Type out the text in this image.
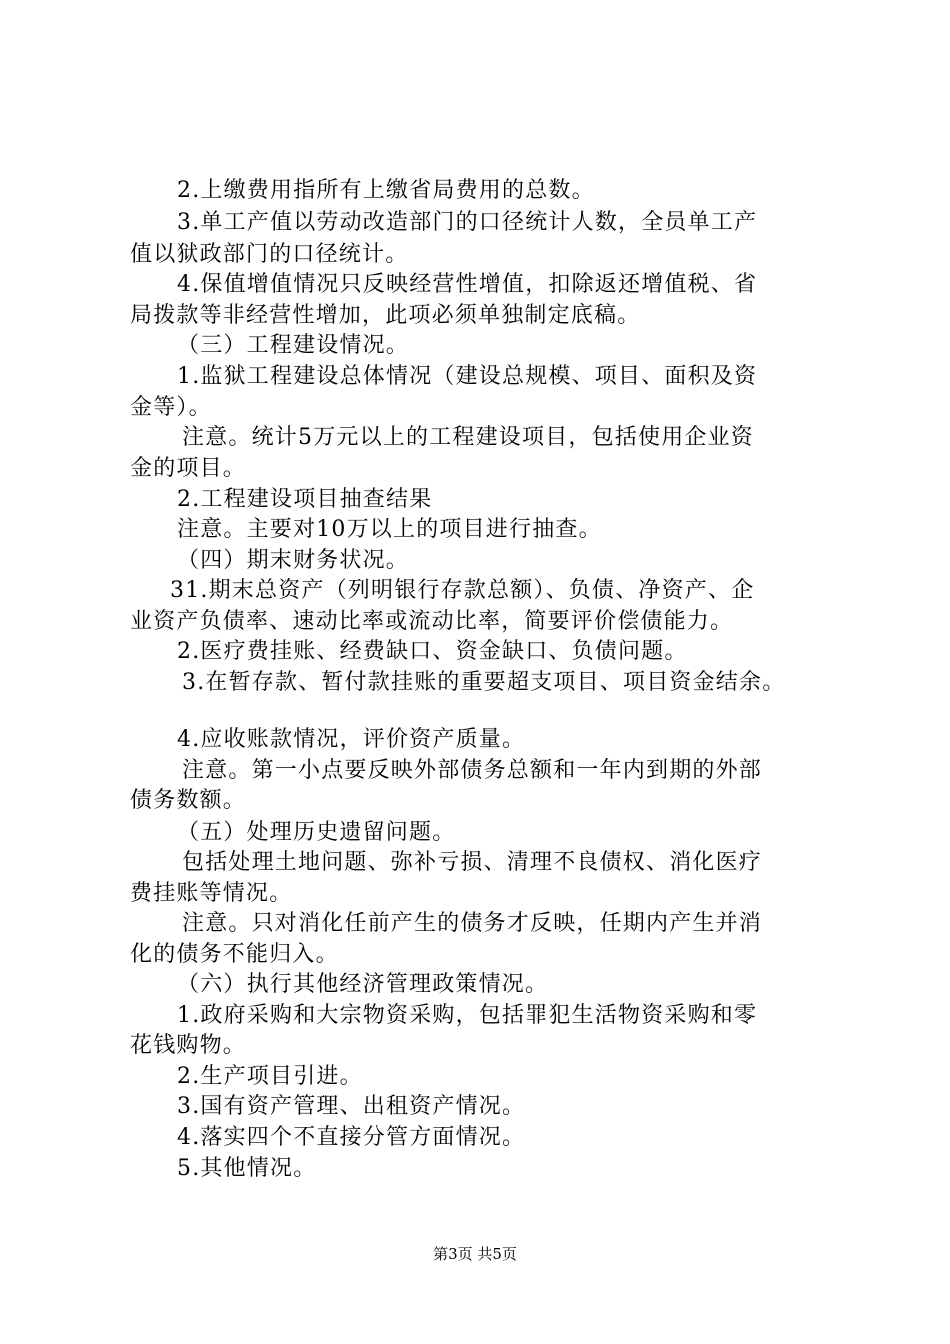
2.上缴费用指所有上缴省局费用的总数。
3.单工产值以劳动改造部门的口径统计人数，全员单工产
值以狱政部门的口径统计。
4.保值增值情况只反映经营性增值，扣除返还增值税、省
局拨款等非经营性增加，此项必须单独制定底稿。
（三）工程建设情况。
1.监狱工程建设总体情况（建设总规模、项目、面积及资
金等）。
注意。统计5万元以上的工程建设项目，包括使用企业资
金的项目。
2.工程建设项目抽查结果
注意。主要对10万以上的项目进行抽查。
（四）期末财务状况。
31.期末总资产（列明银行存款总额）、负债、净资产、企
业资产负债率、速动比率或流动比率，简要评价偿债能力。
2.医疗费挂账、经费缺口、资金缺口、负债问题。
3.在暂存款、暂付款挂账的重要超支项目、项目资金结余。
4.应收账款情况，评价资产质量。
注意。第一小点要反映外部债务总额和一年内到期的外部
债务数额。
（五）处理历史遗留问题。
包括处理土地问题、弥补亏损、清理不良债权、消化医疗
费挂账等情况。
注意。只对消化任前产生的债务才反映，任期内产生并消
化的债务不能归入。
（六）执行其他经济管理政策情况。
1.政府采购和大宗物资采购，包括罪犯生活物资采购和零
花钱购物。
2.生产项目引进。
3.国有资产管理、出租资产情况。
4.落实四个不直接分管方面情况。
5.其他情况。
第3页 共5页
